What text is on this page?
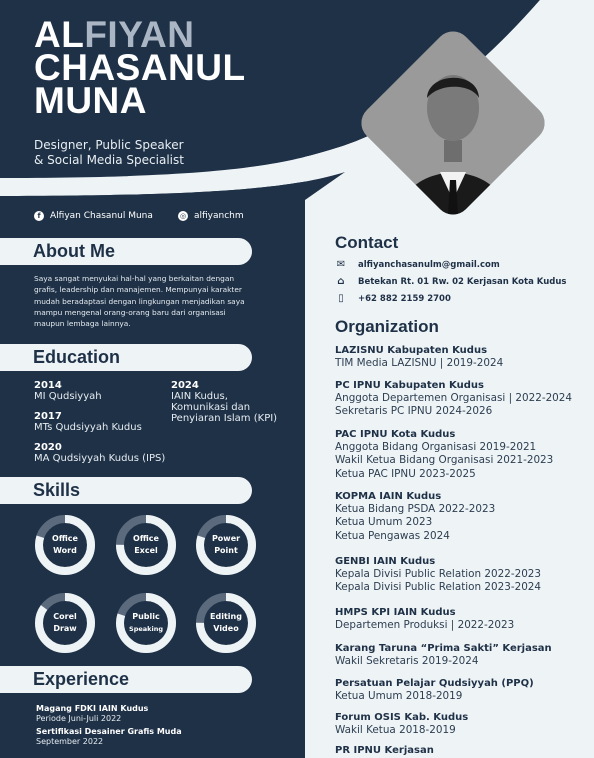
ALFIYAN
CHASANUL
MUNA
Designer, Public Speaker
& Social Media Specialist
f	Alfiyan Chasanul Muna	◎ alfiyanchm
About Me
Saya sangat menyukai hal-hal yang berkaitan dengan
grafis, leadership dan manajemen. Mempunyai karakter
mudah beradaptasi dengan lingkungan menjadikan saya
mampu mengenal orang-orang baru dari organisasi
maupun lembaga lainnya.
Education
2014
MI Qudsiyyah
2017
MTs Qudsiyyah Kudus
2020
MA Qudsiyyah Kudus (IPS)
2024
IAIN Kudus,
Komunikasi dan
Penyiaran Islam (KPI)
Skills
Office
Word
Office
Excel
Power
Point
Corel
Draw
Public
Speaking
Editing
Video
Experience
Magang FDKI IAIN Kudus
Periode Juni-Juli 2022
Sertifikasi Desainer Grafis Muda
September 2022
Contact
✉ alfiyanchasanulm@gmail.com
⌂ Betekan Rt. 01 Rw. 02 Kerjasan Kota Kudus
▯	+62 882 2159 2700
Organization
LAZISNU Kabupaten Kudus
TIM Media LAZISNU | 2019-2024
PC IPNU Kabupaten Kudus
Anggota Departemen Organisasi | 2022-2024
Sekretaris PC IPNU 2024-2026
PAC IPNU Kota Kudus
Anggota Bidang Organisasi 2019-2021
Wakil Ketua Bidang Organisasi 2021-2023
Ketua PAC IPNU 2023-2025
KOPMA IAIN Kudus
Ketua Bidang PSDA 2022-2023
Ketua Umum 2023
Ketua Pengawas 2024
GENBI IAIN Kudus
Kepala Divisi Public Relation 2022-2023
Kepala Divisi Public Relation 2023-2024
HMPS KPI IAIN Kudus
Departemen Produksi | 2022-2023
Karang Taruna “Prima Sakti” Kerjasan
Wakil Sekretaris 2019-2024
Persatuan Pelajar Qudsiyyah (PPQ)
Ketua Umum 2018-2019
Forum OSIS Kab. Kudus
Wakil Ketua 2018-2019
PR IPNU Kerjasan
